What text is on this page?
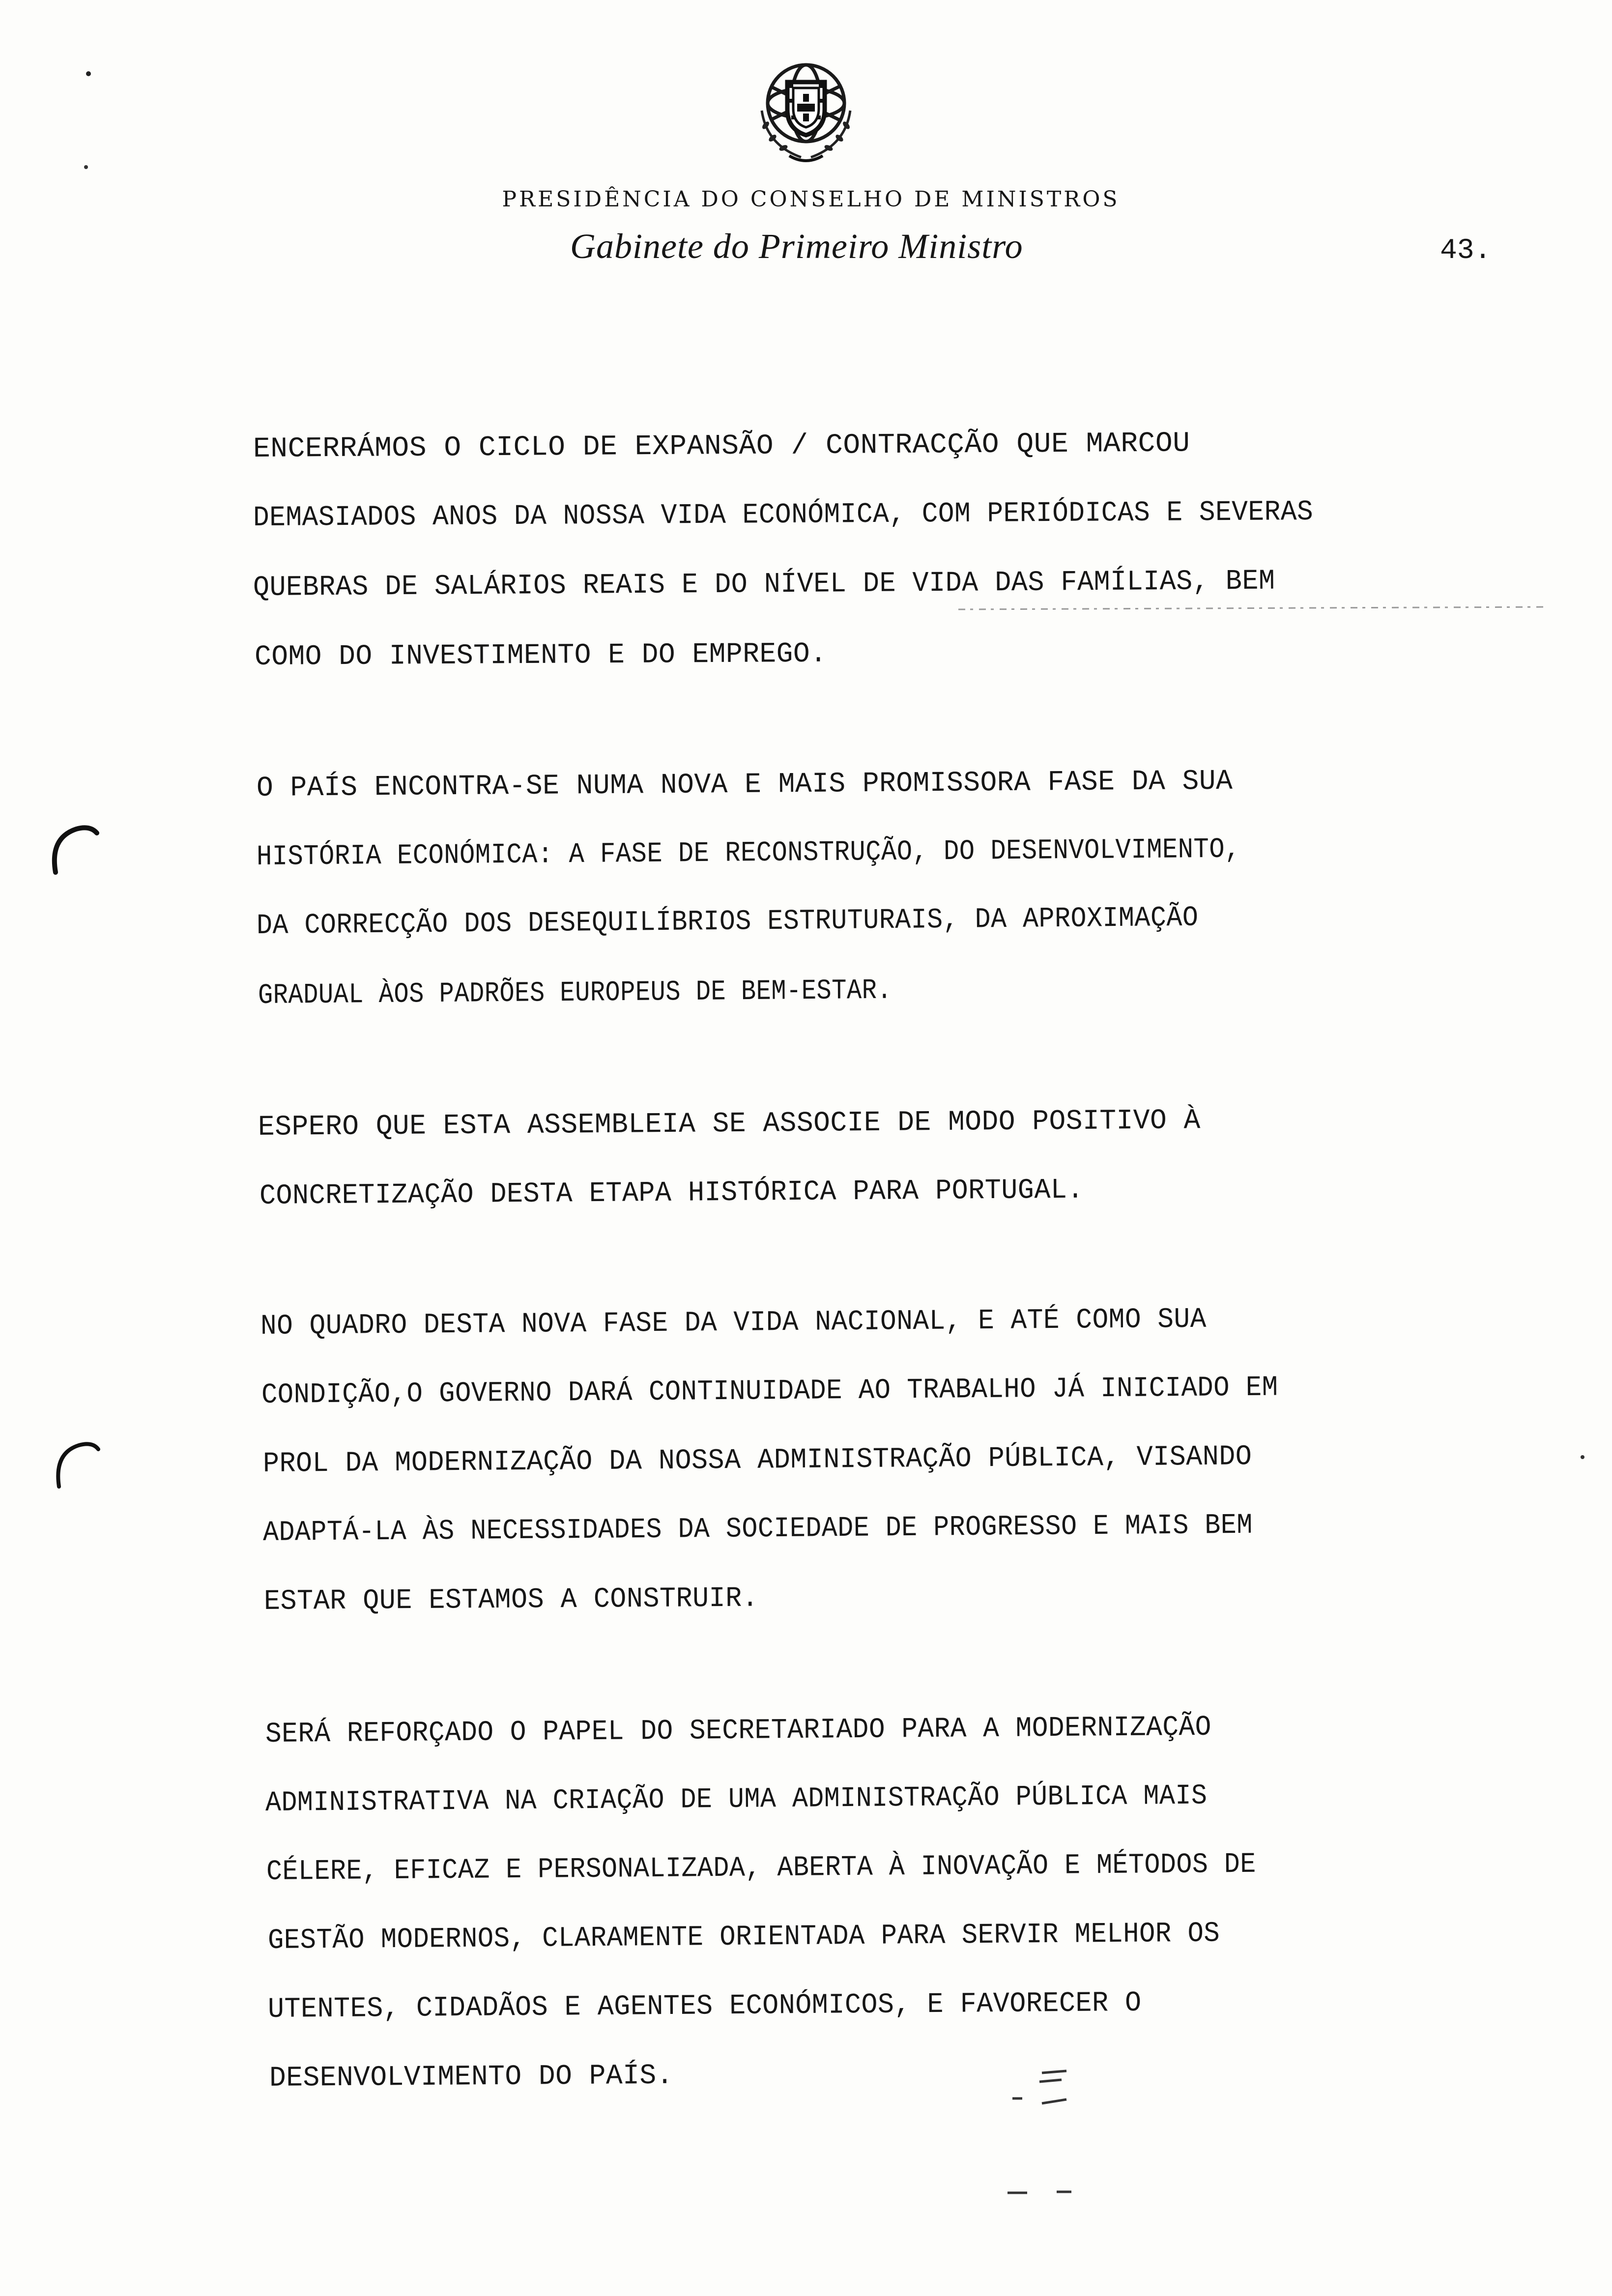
PRESIDÊNCIA DO CONSELHO DE MINISTROS
Gabinete do Primeiro Ministro	43.
ENCERRÁMOS O CICLO DE EXPANSÃO / CONTRACÇÃO QUE MARCOU
DEMASIADOS ANOS DA NOSSA VIDA ECONÓMICA, COM PERIÓDICAS E SEVERAS
QUEBRAS DE SALÁRIOS REAIS E DO NÍVEL DE VIDA DAS FAMÍLIAS, BEM
COMO DO INVESTIMENTO E DO EMPREGO.
O PAÍS ENCONTRA-SE NUMA NOVA E MAIS PROMISSORA FASE DA SUA
HISTÓRIA ECONÓMICA: A FASE DE RECONSTRUÇÃO, DO DESENVOLVIMENTO,
DA CORRECÇÃO DOS DESEQUILÍBRIOS ESTRUTURAIS, DA APROXIMAÇÃO
GRADUAL ÀOS PADRÕES EUROPEUS DE BEM-ESTAR.
ESPERO QUE ESTA ASSEMBLEIA SE ASSOCIE DE MODO POSITIVO À
CONCRETIZAÇÃO DESTA ETAPA HISTÓRICA PARA PORTUGAL.
NO QUADRO DESTA NOVA FASE DA VIDA NACIONAL, E ATÉ COMO SUA
CONDIÇÃO,O GOVERNO DARÁ CONTINUIDADE AO TRABALHO JÁ INICIADO EM
PROL DA MODERNIZAÇÃO DA NOSSA ADMINISTRAÇÃO PÚBLICA, VISANDO
ADAPTÁ-LA ÀS NECESSIDADES DA SOCIEDADE DE PROGRESSO E MAIS BEM
ESTAR QUE ESTAMOS A CONSTRUIR.
SERÁ REFORÇADO O PAPEL DO SECRETARIADO PARA A MODERNIZAÇÃO
ADMINISTRATIVA NA CRIAÇÃO DE UMA ADMINISTRAÇÃO PÚBLICA MAIS
CÉLERE, EFICAZ E PERSONALIZADA, ABERTA À INOVAÇÃO E MÉTODOS DE
GESTÃO MODERNOS, CLARAMENTE ORIENTADA PARA SERVIR MELHOR OS
UTENTES, CIDADÃOS E AGENTES ECONÓMICOS, E FAVORECER O
DESENVOLVIMENTO DO PAÍS.
